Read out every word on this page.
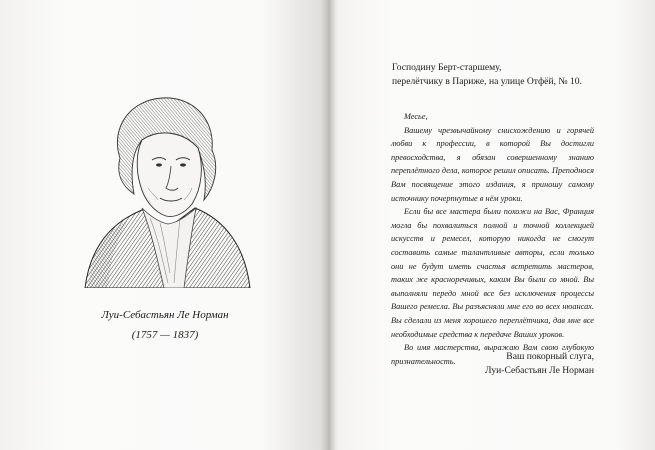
Луи-Себастьян Ле Норман
(1757 — 1837)
Господину Берт-старшему,
перелётчику в Париже, на улице Отфёй, № 10.
Месье,

Вашему чрезвычайному снисхождению и горячей любви к профессии, в которой Вы достигли превосходства, я обязан совершенному знанию переплётного дела, которое решил описать. Преподнося Вам посвящение этого издания, я приношу самому источнику почерпнутые в нём уроки.

Если бы все мастера были похожи на Вас, Франция могла бы похвалиться полной и точной коллекцией искусств и ремесел, которую никогда не смогут составить самые талантливые авторы, если только они не будут иметь счастья встретить мастеров, таких же красноречивых, каким Вы были со мной. Вы выполняли передо мной все без исключения процессы Вашего ремесла. Вы разъясняли мне его во всех нюансах. Вы сделали из меня хорошего переплётчика, дав мне все необходимые средства к передаче Ваших уроков.

Во имя мастерства, выражаю Вам свою глубокую признательность.	Ваш покорный слуга,
Луи-Себастьян Ле Норман
